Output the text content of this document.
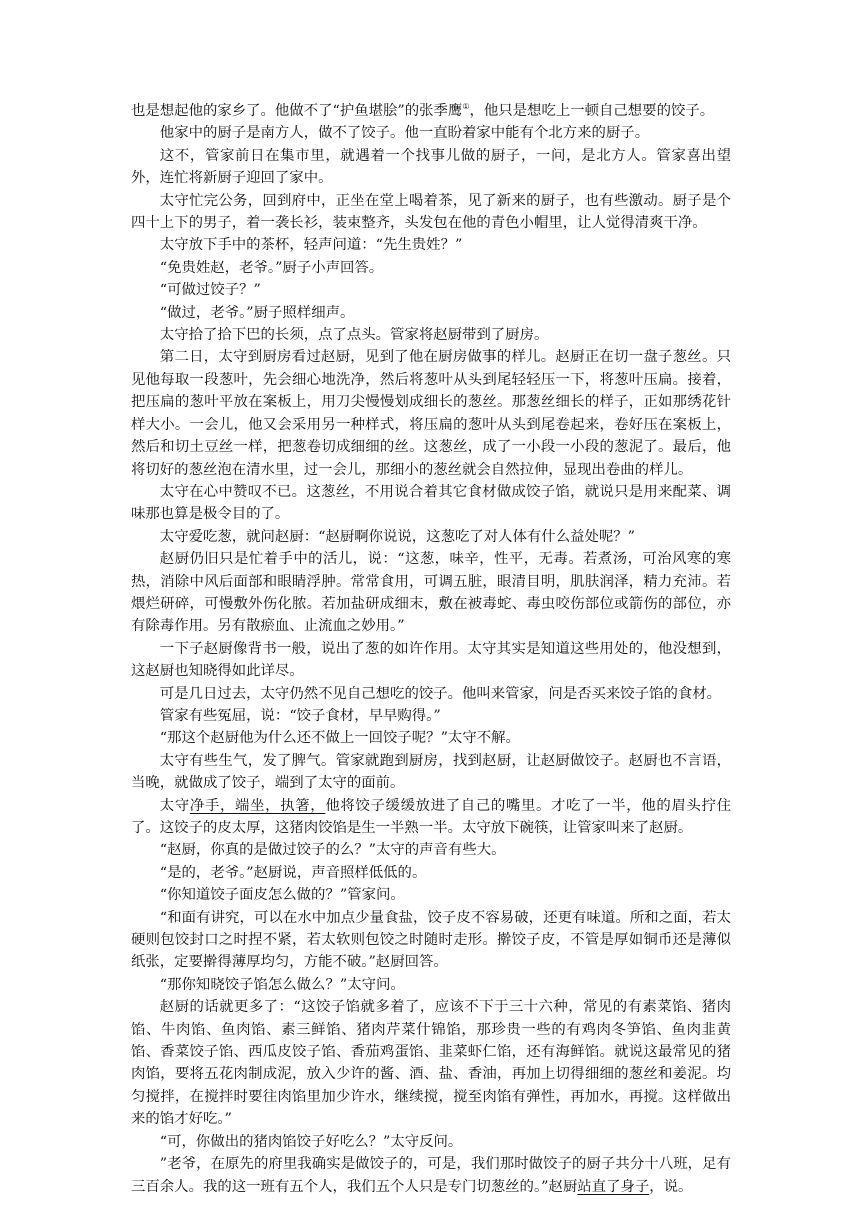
也是想起他的家乡了。他做不了“护鱼堪脍”的张季鹰①，他只是想吃上一顿自己想要的饺子。

他家中的厨子是南方人，做不了饺子。他一直盼着家中能有个北方来的厨子。

这不，管家前日在集市里，就遇着一个找事儿做的厨子，一问，是北方人。管家喜出望外，连忙将新厨子迎回了家中。

太守忙完公务，回到府中，正坐在堂上喝着茶，见了新来的厨子，也有些激动。厨子是个四十上下的男子，着一袭长衫，装束整齐，头发包在他的青色小帽里，让人觉得清爽干净。

太守放下手中的茶杯，轻声问道：“先生贵姓？”

“免贵姓赵，老爷。”厨子小声回答。

“可做过饺子？”

“做过，老爷。”厨子照样细声。

太守拾了拾下巴的长须，点了点头。管家将赵厨带到了厨房。

第二日，太守到厨房看过赵厨，见到了他在厨房做事的样儿。赵厨正在切一盘子葱丝。只见他每取一段葱叶，先会细心地洗净，然后将葱叶从头到尾轻轻压一下，将葱叶压扁。接着，把压扁的葱叶平放在案板上，用刀尖慢慢划成细长的葱丝。那葱丝细长的样子，正如那绣花针样大小。一会儿，他又会采用另一种样式，将压扁的葱叶从头到尾卷起来，卷好压在案板上，然后和切土豆丝一样，把葱卷切成细细的丝。这葱丝，成了一小段一小段的葱泥了。最后，他将切好的葱丝泡在清水里，过一会儿，那细小的葱丝就会自然拉伸，显现出卷曲的样儿。

太守在心中赞叹不已。这葱丝，不用说合着其它食材做成饺子馅，就说只是用来配菜、调味那也算是极令目的了。

太守爱吃葱，就问赵厨：“赵厨啊你说说，这葱吃了对人体有什么益处呢？”

赵厨仍旧只是忙着手中的活儿，说：“这葱，味辛，性平，无毒。若煮汤，可治风寒的寒热，消除中风后面部和眼睛浮肿。常常食用，可调五脏，眼清目明，肌肤润泽，精力充沛。若煨烂研碎，可慢敷外伤化脓。若加盐研成细末，敷在被毒蛇、毒虫咬伤部位或箭伤的部位，亦有除毒作用。另有散瘀血、止流血之妙用。”

一下子赵厨像背书一般，说出了葱的如许作用。太守其实是知道这些用处的，他没想到，这赵厨也知晓得如此详尽。

可是几日过去，太守仍然不见自己想吃的饺子。他叫来管家，问是否买来饺子馅的食材。

管家有些冤屈，说：“饺子食材，早早购得。”

“那这个赵厨他为什么还不做上一回饺子呢？”太守不解。

太守有些生气，发了脾气。管家就跑到厨房，找到赵厨，让赵厨做饺子。赵厨也不言语，当晚，就做成了饺子，端到了太守的面前。

太守净手，端坐，执箸，他将饺子缓缓放进了自己的嘴里。才吃了一半，他的眉头拧住了。这饺子的皮太厚，这猪肉饺馅是生一半熟一半。太守放下碗筷，让管家叫来了赵厨。

“赵厨，你真的是做过饺子的么？”太守的声音有些大。

“是的，老爷。”赵厨说，声音照样低低的。

“你知道饺子面皮怎么做的？”管家问。

“和面有讲究，可以在水中加点少量食盐，饺子皮不容易破，还更有味道。所和之面，若太硬则包饺封口之时捏不紧，若太软则包饺之时随时走形。擀饺子皮，不管是厚如铜币还是薄似纸张，定要擀得薄厚均匀，方能不破。”赵厨回答。

“那你知晓饺子馅怎么做么？”太守问。

赵厨的话就更多了：“这饺子馅就多着了，应该不下于三十六种，常见的有素菜馅、猪肉馅、牛肉馅、鱼肉馅、素三鲜馅、猪肉芹菜什锦馅，那珍贵一些的有鸡肉冬笋馅、鱼肉韭黄馅、香菜饺子馅、西瓜皮饺子馅、香茄鸡蛋馅、韭菜虾仁馅，还有海鲜馅。就说这最常见的猪肉馅，要将五花肉制成泥，放入少许的酱、酒、盐、香油，再加上切得细细的葱丝和姜泥。均匀搅拌，在搅拌时要往肉馅里加少许水，继续搅，搅至肉馅有弹性，再加水，再搅。这样做出来的馅才好吃。”

“可，你做出的猪肉馅饺子好吃么？”太守反问。

”老爷，在原先的府里我确实是做饺子的，可是，我们那时做饺子的厨子共分十八班，足有三百余人。我的这一班有五个人，我们五个人只是专门切葱丝的。”赵厨站直了身子，说。
